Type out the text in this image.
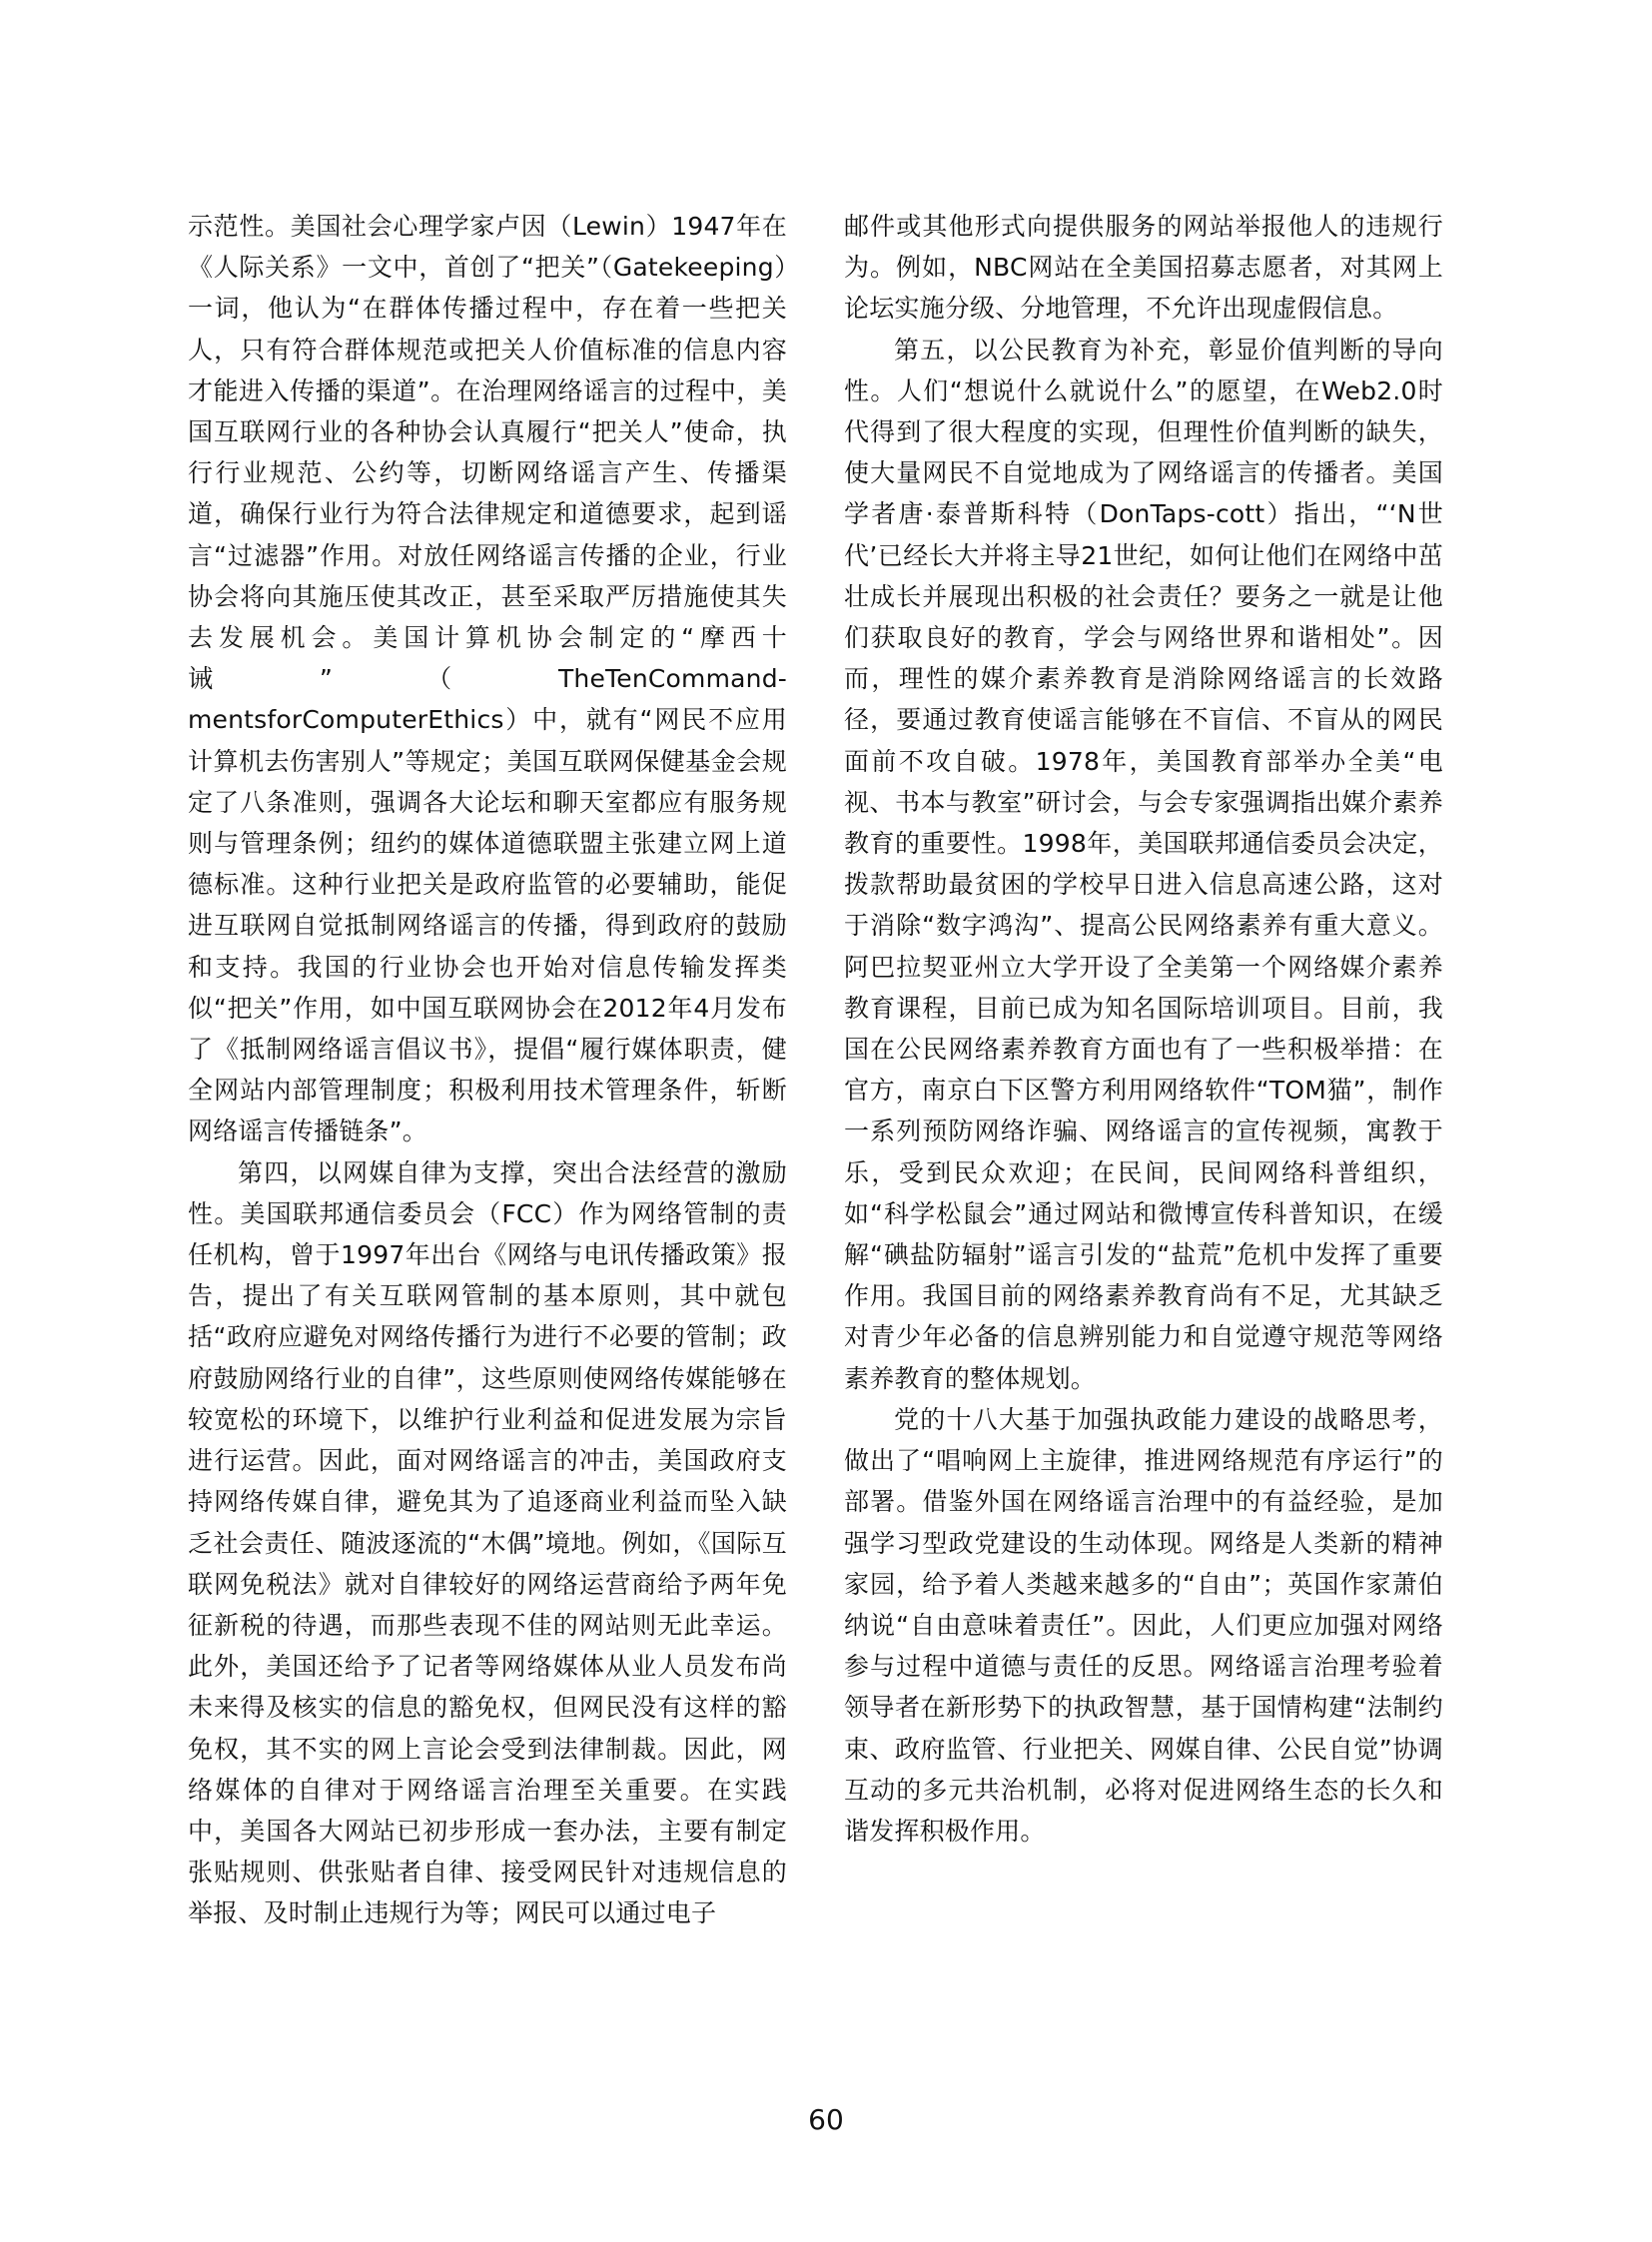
示范性。美国社会心理学家卢因（Lewin）1947年在《人际关系》一文中，首创了“把关”（Gatekeeping）一词，他认为“在群体传播过程中，存在着一些把关人，只有符合群体规范或把关人价值标准的信息内容才能进入传播的渠道”。在治理网络谣言的过程中，美国互联网行业的各种协会认真履行“把关人”使命，执行行业规范、公约等，切断网络谣言产生、传播渠道，确保行业行为符合法律规定和道德要求，起到谣言“过滤器”作用。对放任网络谣言传播的企业，行业协会将向其施压使其改正，甚至采取严厉措施使其失去发展机会。美国计算机协会制定的“摩西十诫”（TheTenCommand-mentsforComputerEthics）中，就有“网民不应用计算机去伤害别人”等规定；美国互联网保健基金会规定了八条准则，强调各大论坛和聊天室都应有服务规则与管理条例；纽约的媒体道德联盟主张建立网上道德标准。这种行业把关是政府监管的必要辅助，能促进互联网自觉抵制网络谣言的传播，得到政府的鼓励和支持。我国的行业协会也开始对信息传输发挥类似“把关”作用，如中国互联网协会在2012年4月发布了《抵制网络谣言倡议书》，提倡“履行媒体职责，健全网站内部管理制度；积极利用技术管理条件，斩断网络谣言传播链条”。

第四，以网媒自律为支撑，突出合法经营的激励性。美国联邦通信委员会（FCC）作为网络管制的责任机构，曾于1997年出台《网络与电讯传播政策》报告，提出了有关互联网管制的基本原则，其中就包括“政府应避免对网络传播行为进行不必要的管制；政府鼓励网络行业的自律”，这些原则使网络传媒能够在较宽松的环境下，以维护行业利益和促进发展为宗旨进行运营。因此，面对网络谣言的冲击，美国政府支持网络传媒自律，避免其为了追逐商业利益而坠入缺乏社会责任、随波逐流的“木偶”境地。例如，《国际互联网免税法》就对自律较好的网络运营商给予两年免征新税的待遇，而那些表现不佳的网站则无此幸运。此外，美国还给予了记者等网络媒体从业人员发布尚未来得及核实的信息的豁免权，但网民没有这样的豁免权，其不实的网上言论会受到法律制裁。因此，网络媒体的自律对于网络谣言治理至关重要。在实践中，美国各大网站已初步形成一套办法，主要有制定张贴规则、供张贴者自律、接受网民针对违规信息的举报、及时制止违规行为等；网民可以通过电子

邮件或其他形式向提供服务的网站举报他人的违规行为。例如，NBC网站在全美国招募志愿者，对其网上论坛实施分级、分地管理，不允许出现虚假信息。

第五，以公民教育为补充，彰显价值判断的导向性。人们“想说什么就说什么”的愿望，在Web2.0时代得到了很大程度的实现，但理性价值判断的缺失，使大量网民不自觉地成为了网络谣言的传播者。美国学者唐·泰普斯科特（DonTaps-cott）指出，“‘N世代’已经长大并将主导21世纪，如何让他们在网络中茁壮成长并展现出积极的社会责任？要务之一就是让他们获取良好的教育，学会与网络世界和谐相处”。因而，理性的媒介素养教育是消除网络谣言的长效路径，要通过教育使谣言能够在不盲信、不盲从的网民面前不攻自破。1978年，美国教育部举办全美“电视、书本与教室”研讨会，与会专家强调指出媒介素养教育的重要性。1998年，美国联邦通信委员会决定，拨款帮助最贫困的学校早日进入信息高速公路，这对于消除“数字鸿沟”、提高公民网络素养有重大意义。阿巴拉契亚州立大学开设了全美第一个网络媒介素养教育课程，目前已成为知名国际培训项目。目前，我国在公民网络素养教育方面也有了一些积极举措：在官方，南京白下区警方利用网络软件“TOM猫”，制作一系列预防网络诈骗、网络谣言的宣传视频，寓教于乐，受到民众欢迎；在民间，民间网络科普组织，如“科学松鼠会”通过网站和微博宣传科普知识，在缓解“碘盐防辐射”谣言引发的“盐荒”危机中发挥了重要作用。我国目前的网络素养教育尚有不足，尤其缺乏对青少年必备的信息辨别能力和自觉遵守规范等网络素养教育的整体规划。

党的十八大基于加强执政能力建设的战略思考，做出了“唱响网上主旋律，推进网络规范有序运行”的部署。借鉴外国在网络谣言治理中的有益经验，是加强学习型政党建设的生动体现。网络是人类新的精神家园，给予着人类越来越多的“自由”；英国作家萧伯纳说“自由意味着责任”。因此，人们更应加强对网络参与过程中道德与责任的反思。网络谣言治理考验着领导者在新形势下的执政智慧，基于国情构建“法制约束、政府监管、行业把关、网媒自律、公民自觉”协调互动的多元共治机制，必将对促进网络生态的长久和谐发挥积极作用。

60
